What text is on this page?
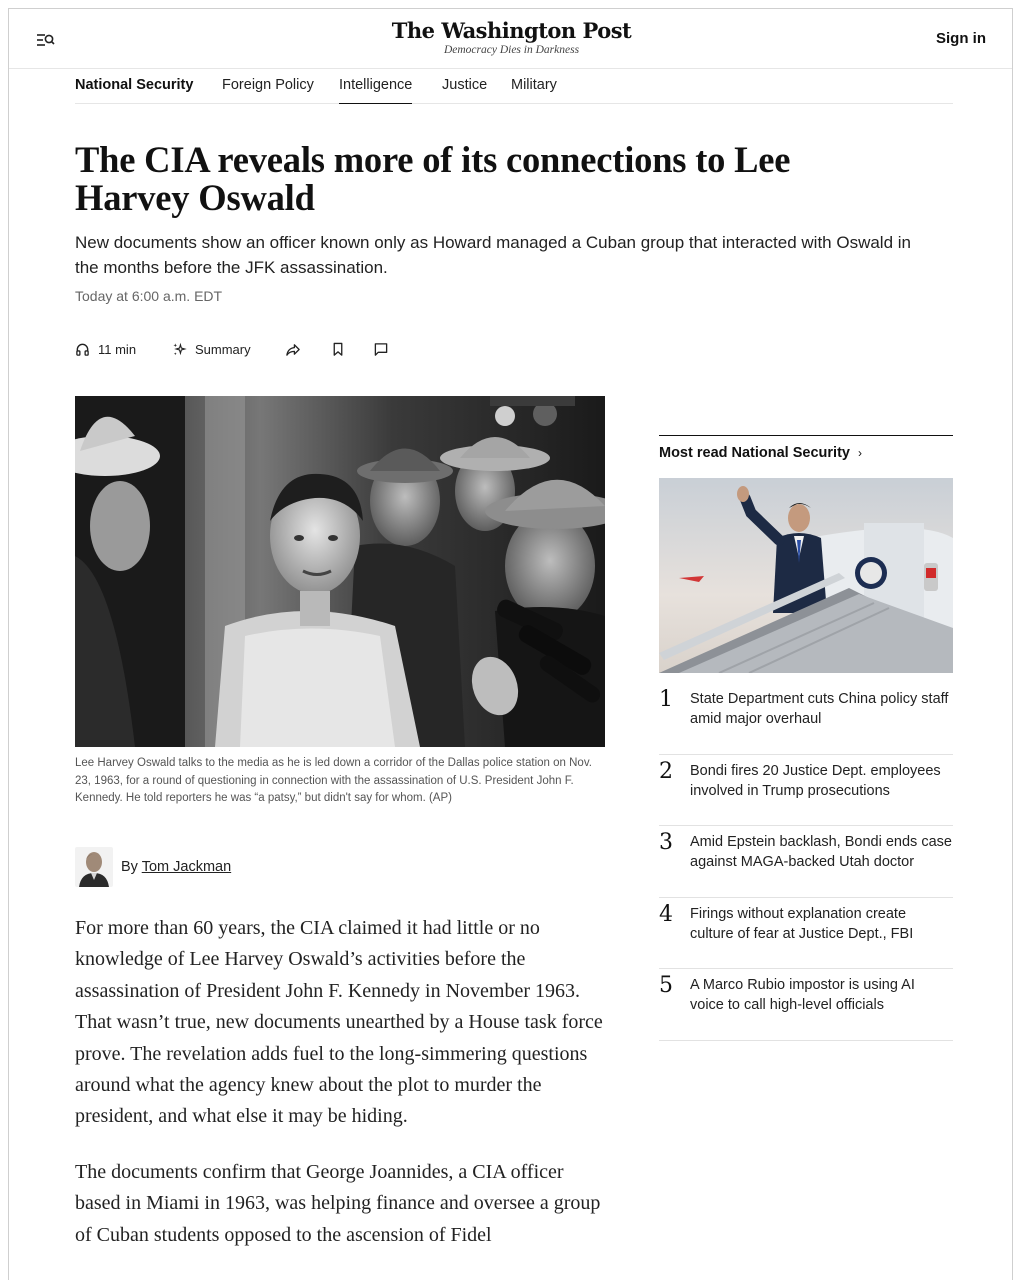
The Washington Post
Democracy Dies in Darkness
Sign in
National Security Foreign Policy Intelligence Justice Military
The CIA reveals more of its connections to Lee Harvey Oswald
New documents show an officer known only as Howard managed a Cuban group that interacted with Oswald in the months before the JFK assassination.
Today at 6:00 a.m. EDT
11 min	Summary
Lee Harvey Oswald talks to the media as he is led down a corridor of the Dallas police station on Nov. 23, 1963, for a round of questioning in connection with the assassination of U.S. President John F. Kennedy. He told reporters he was “a patsy,” but didn't say for whom. (AP)
By Tom Jackman

For more than 60 years, the CIA claimed it had little or no knowledge of Lee Harvey Oswald’s activities before the assassination of President John F. Kennedy in November 1963. That wasn’t true, new documents unearthed by a House task force prove. The revelation adds fuel to the long-simmering questions around what the agency knew about the plot to murder the president, and what else it may be hiding.

The documents confirm that George Joannides, a CIA officer based in Miami in 1963, was helping finance and oversee a group of Cuban students opposed to the ascension of Fidel

Most read National Security ›
1	State Department cuts China policy staff amid major overhaul
2	Bondi fires 20 Justice Dept. employees involved in Trump prosecutions
3	Amid Epstein backlash, Bondi ends case against MAGA-backed Utah doctor
4	Firings without explanation create culture of fear at Justice Dept., FBI
5	A Marco Rubio impostor is using AI voice to call high-level officials
